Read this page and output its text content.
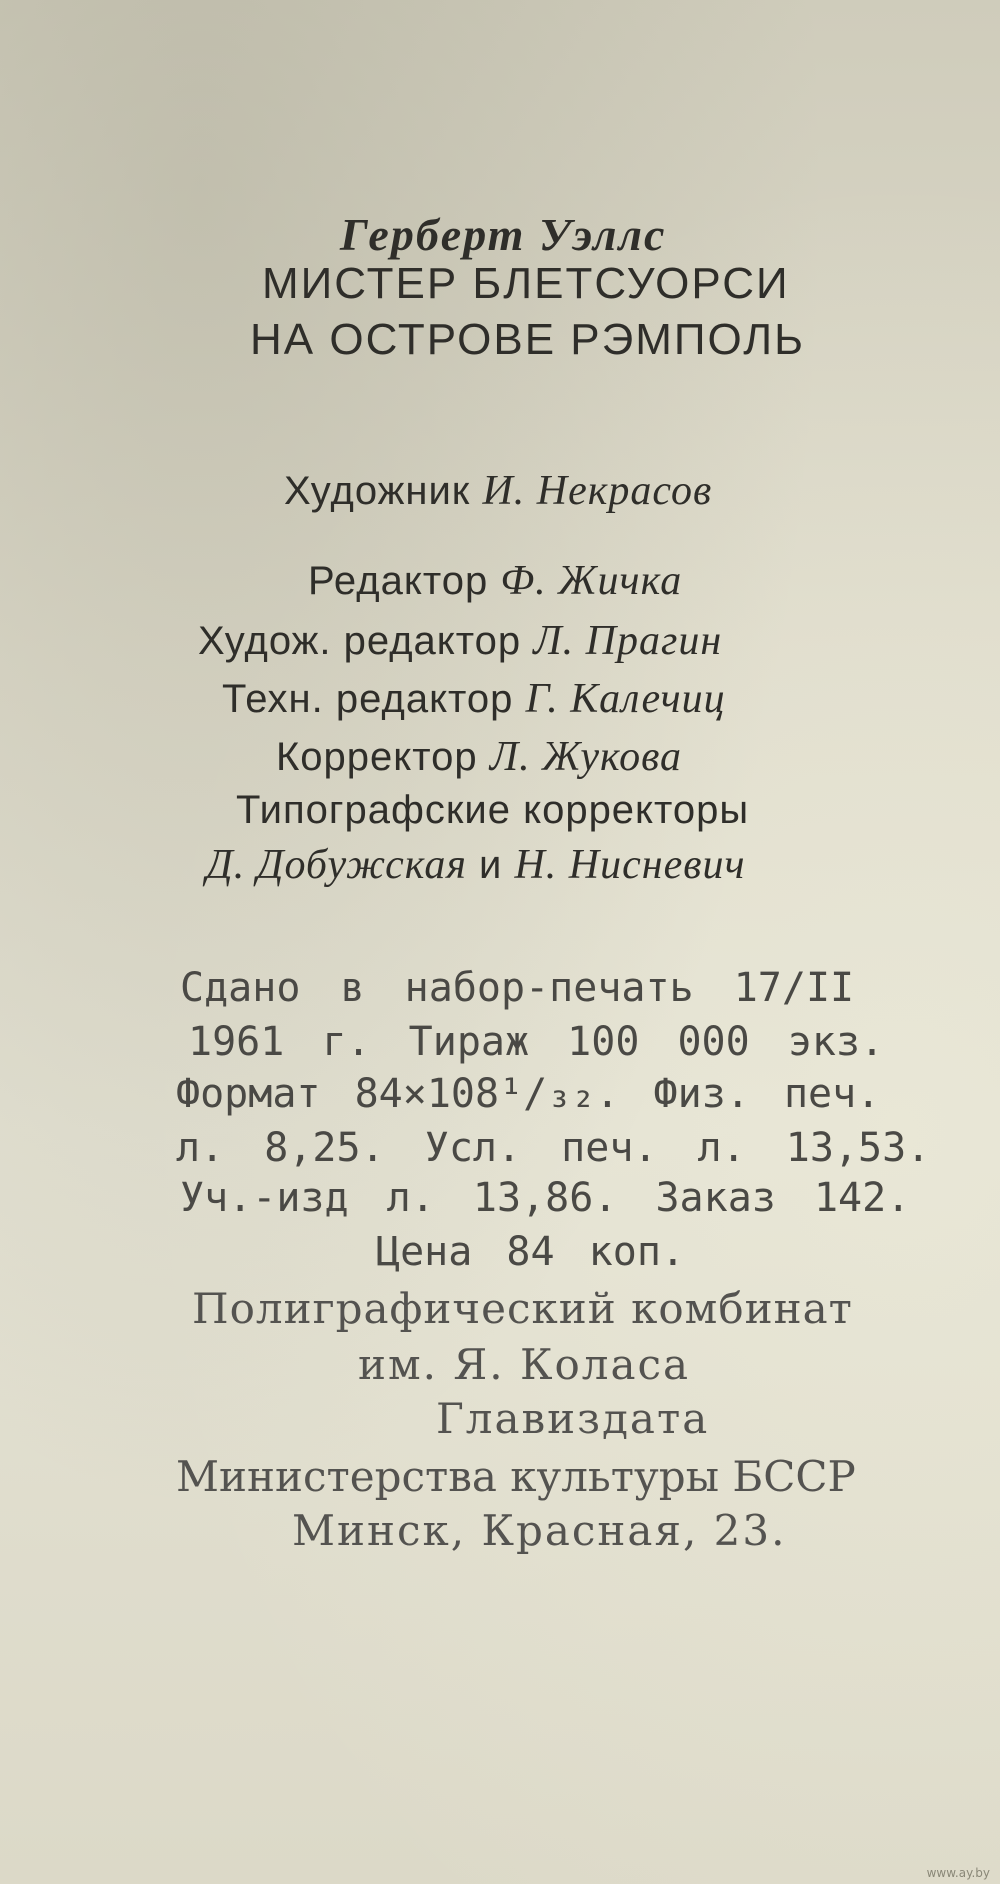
Герберт Уэллс
МИСТЕР БЛЕТСУОРСИ
НА ОСТРОВЕ РЭМПОЛЬ
Художник И. Некрасов
Редактор Ф. Жичка
Худож. редактор Л. Прагин
Техн. редактор Г. Калечиц
Корректор Л. Жукова
Типографские корректоры
Д. Добужская и Н. Нисневич
Сдано в набор-печать 17/II
1961 г. Тираж 100 000 экз.
Формат 84×108¹/₃₂. Физ. печ.
л. 8,25. Усл. печ. л. 13,53.
Уч.-изд л. 13,86. Заказ 142.
Цена 84 коп.
Полиграфический комбинат
им. Я. Коласа
Главиздата
Министерства культуры БССР
Минск, Красная, 23.
www.ay.by
